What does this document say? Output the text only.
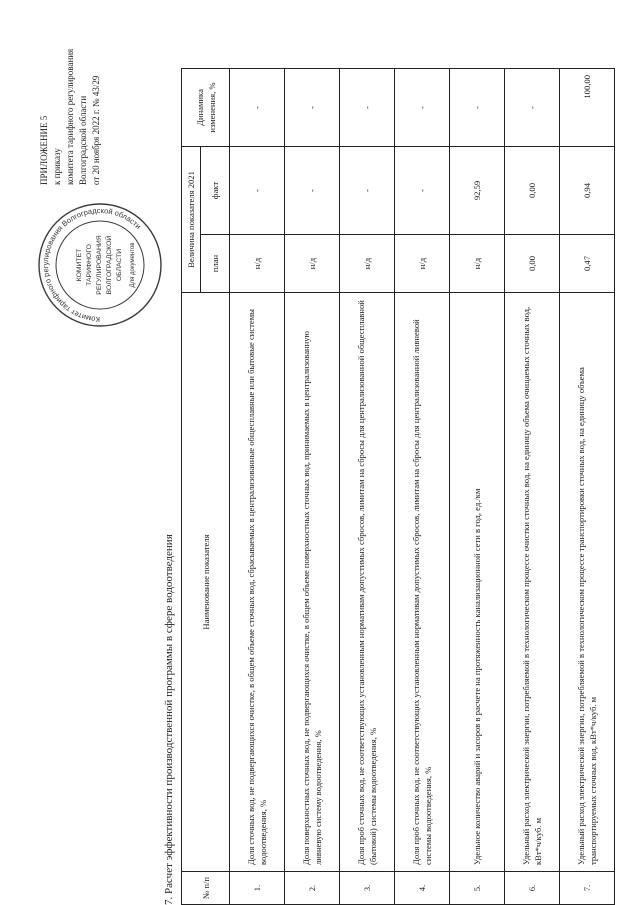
ПРИЛОЖЕНИЕ 5 к приказу комитета тарифного регулирования Волгоградской области от 20 ноября 2022 г. № 43/29
Комитет тарифного регулирования Волгоградской области
КОМИТЕТ ТАРИФНОГО РЕГУЛИРОВАНИЯ ВОЛГОГРАДСКОЙ ОБЛАСТИ Для документов
7. Расчет эффективности производственной программы в сфере водоотведения	№ п/п	Наименование показателя	Величина показателя 2021		Динамика изменения, %
		план	факт	
1.	Доля сточных вод, не подвергающихся очистке, в общем объеме сточных вод, сбрасываемых в централизованные общесплавные или бытовые системы водоотведения, %	н/д	-	-
2.	Доля поверхностных сточных вод, не подвергающихся очистке, в общем объеме поверхностных сточных вод, принимаемых в централизованную ливневую систему водоотведения, %	н/д	-	-
3.	Доля проб сточных вод, не соответствующих установленным нормативам допустимых сбросов, лимитам на сбросы для централизованной общесплавной (бытовой) системы водоотведения, %	н/д	-	-
4.	Доля проб сточных вод, не соответствующих установленным нормативам допустимых сбросов, лимитам на сбросы для централизованной ливневой системы водоотведения, %	н/д	-	-
5.	Удельное количество аварий и засоров в расчете на протяженность канализационной сети в год, ед./км	н/д	92,59	-
6.	Удельный расход электрической энергии, потребляемой в технологическом процессе очистки сточных вод, на единицу объема очищаемых сточных вод, кВт*ч/куб. м	0,00	0,00	-
7.	Удельный расход электрической энергии, потребляемой в технологическом процессе транспортировки сточных вод, на единицу объема транспортируемых сточных вод, кВт*ч/куб. м	0,47	0,94	100,00
